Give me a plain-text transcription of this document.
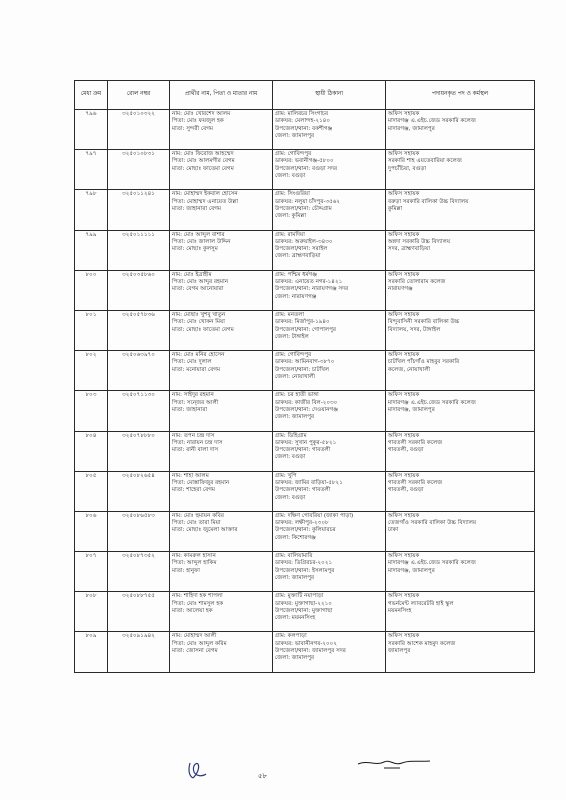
মেধা ক্রম	রোল নম্বর	প্রার্থীর নাম, পিতা ও মাতার নাম	স্থায়ী ঠিকানা	পদায়নকৃত পদ ও কর্মস্থল
৭৯৬	৩২৫০১০৩২২	নাম: মোঃ খোরশেদ আলম
পিতা: মোঃ ফয়জুল হক
মাতা: সুন্দরী বেগম	গ্রাম: মালিরচর সিংগাচর
ডাকঘর: মেলান্দহ-২১৪০
উপজেলা/থানা: বকশীগঞ্জ
জেলা: জামালপুর	অফিস সহায়ক
মাদারগঞ্জ এ.এইচ.জেড সরকারি কলেজ
মাদারগঞ্জ, জামালপুর

৭৯৭	৩২৫০১০৮৩১	নাম: মোঃ ফিরোজ আহম্মেদ
পিতা: মোঃ আলমগীর বেগম
মাতা: মোছাঃ ফাতেমা বেগম	গ্রাম: গোবিন্দপুর
ডাকঘর: ভবানীগঞ্জ-৫৮০০
উপজেলা/থানা: বগুড়া সদর
জেলা: বগুড়া	অফিস সহায়ক
সরকারি শাহ এয়তেবারিয়া কলেজ
দুপচাঁচিয়া, বগুড়া

৭৯৮	৩২৫০১১২৪১	নাম: মোহাম্মদ ইকবাল হোসেন
পিতা: মোহাম্মদ এনায়েত উল্লা
মাতা: জাহানারা বেগম	গ্রাম: সিংগুরিয়া
ডাকঘর: নলুয়া চাঁদপুর-৩৫৬২
উপজেলা/থানা: চৌদ্দগ্রাম
জেলা: কুমিল্লা	অফিস সহায়ক
বরুড়া সরকারি বালিকা উচ্চ বিদ্যালয়
কুমিল্লা

৭৯৯	৩২৫০১১১১১	নাম: মোঃ আব্দুল বাশার
পিতা: মোঃ জালাল উদ্দিন
মাতা: মোছাঃ কুলসুম	গ্রাম: রামদিয়া
ডাকঘর: অরুয়াইল-৩৪৩০
উপজেলা/থানা: সরাইল
জেলা: ব্রাহ্মণবাড়িয়া	অফিস সহায়ক
অন্নদা সরকারি উচ্চ বিদ্যালয়
সদর, ব্রাহ্মণবাড়িয়া

৮০০	৩২৫০৩৫৮৬০	নাম: মোঃ ইব্রাহীম
পিতা: মোঃ আব্দুর রহমান
মাতা: বেগম আনোয়ারা	গ্রাম: পশ্চিম ধর্মগঞ্জ
ডাকঘর: এনায়েত নগর-১৪২১
উপজেলা/থানা: নারায়ণগঞ্জ সদর
জেলা: নারায়ণগঞ্জ	অফিস সহায়ক
সরকারি তোলারাম কলেজ
নারায়ণগঞ্জ

৮০১	৩২৫০৫৭৮৩৬	নাম: মোছাঃ খুশবু খাতুন
পিতা: মোঃ খোকন মিয়া
মাতা: মোছাঃ ফাতেমা বেগম	গ্রাম: মনতলা
ডাকঘর: মির্জাপুর-১৯৪০
উপজেলা/থানা: গোপালপুর
জেলা: টাঙ্গাইল	অফিস সহায়ক
বিন্দুবাসিনী সরকারি বালিকা উচ্চ
বিদ্যালয়, সদর, টাঙ্গাইল

৮০২	৩২৫০৬৩৯৭০	নাম: মোঃ মনির হোসেন
পিতা: মোঃ দুলাল
মাতা: মনোয়ারা বেগম	গ্রাম: গোবিন্দপুর
ডাকঘর: আমিনবাগ-৩৮৭০
উপজেলা/থানা: চাটখিল
জেলা: নোয়াখালী	অফিস সহায়ক
চাটখিল পাঁচগাঁও মাহবুব সরকারি
কলেজ, নোয়াখালী

৮০৩	৩২৫০৭১১৩০	নাম: সাইদুর রহমান
পিতা: সন্জের আলী
মাতা: জাহানারা	গ্রাম: চর হাতী ভাঙ্গা
ডাকঘর: কাজীর বিল-২০৩০
উপজেলা/থানা: দেওয়ানগঞ্জ
জেলা: জামালপুর	অফিস সহায়ক
মাদারগঞ্জ এ.এইচ.জেড সরকারি কলেজ
মাদারগঞ্জ, জামালপুর

৮০৪	৩২৫০৭৮৮৮০	নাম: তপন চন্দ্র দাস
পিতা: নারায়ন চন্দ্র দাস
মাতা: রানী বালা দাস	গ্রাম: ডিহিগ্রাম
ডাকঘর: সুখান পুকুর-৫৮২১
উপজেলা/থানা: গাবতলী
জেলা: বগুড়া	অফিস সহায়ক
গাবতলী সরকারি কলেজ
গাবতলী, বগুড়া

৮০৫	৩২৫০৮২৬৫৪	নাম: শাহা আলম
পিতা: মোস্তাফিজুর রহমান
মাতা: শাহেরা বেগম	গ্রাম: খুপি
ডাকঘর: জামির বাড়িয়া-৫৮২১
উপজেলা/থানা: গাবতলী
জেলা: বগুড়া	অফিস সহায়ক
গাবতলী সরকারি কলেজ
গাবতলী, বগুড়া

৮০৬	৩২৫০৮৬৫৮৩	নাম: মোঃ হুমায়ন কবির
পিতা: মোঃ তারা মিয়া
মাতা: মোছাঃ জুমেলা আক্তার	গ্রাম: দক্ষিণ গোবরিয়া (জাকা পাড়া)
ডাকঘর: লক্ষীপুর-২৩০৮
উপজেলা/থানা: কুলিয়ারচর
জেলা: কিশোরগঞ্জ	অফিস সহায়ক
তেজগাঁও সরকারি বালিকা উচ্চ বিদ্যালয়
ঢাকা

৮০৭	৩২৫০৮৭৩৫২	নাম: কামরুল হাসান
পিতা: আব্দুল হাকিম
মাতা: হানুফা	গ্রাম: বালিয়ামারি
ডাকঘর: ডিগ্রিরচর-২০২১
উপজেলা/থানা: ইসলামপুর
জেলা: জামালপুর	অফিস সহায়ক
মাদারগঞ্জ এ.এইচ.জেড সরকারি কলেজ
মাদারগঞ্জ, জামালপুর

৮০৮	৩২৫০৮৮৭৫৫	নাম: শাহিদা হক শাপলা
পিতা: মোঃ শামসুল হক
মাতা: আলেয়া হক	গ্রাম: মুক্তাটি নয়াপাড়া
ডাকঘর: মুক্তাগাছা-২২১০
উপজেলা/থানা: মুক্তাগাছা
জেলা: ময়মনসিংহ	অফিস সহায়ক
গভর্নমেন্ট ল্যাবরেটরি হাই স্কুল
ময়মনসিংহ

৮০৯	৩২৫০৯১৯৪২	নাম: মোহাম্মদ আলী
পিতা: মোঃ আব্দুল করিম
মাতা: জোসনা বেগম	গ্রাম: কলপাড়া
ডাকঘর: ভাবানীনগর-২০০২
উপজেলা/থানা: জামালপুর সদর
জেলা: জামালপুর	অফিস সহায়ক
সরকারি আশেক মাহমুদ কলেজ
জামালপুর
৫৮
